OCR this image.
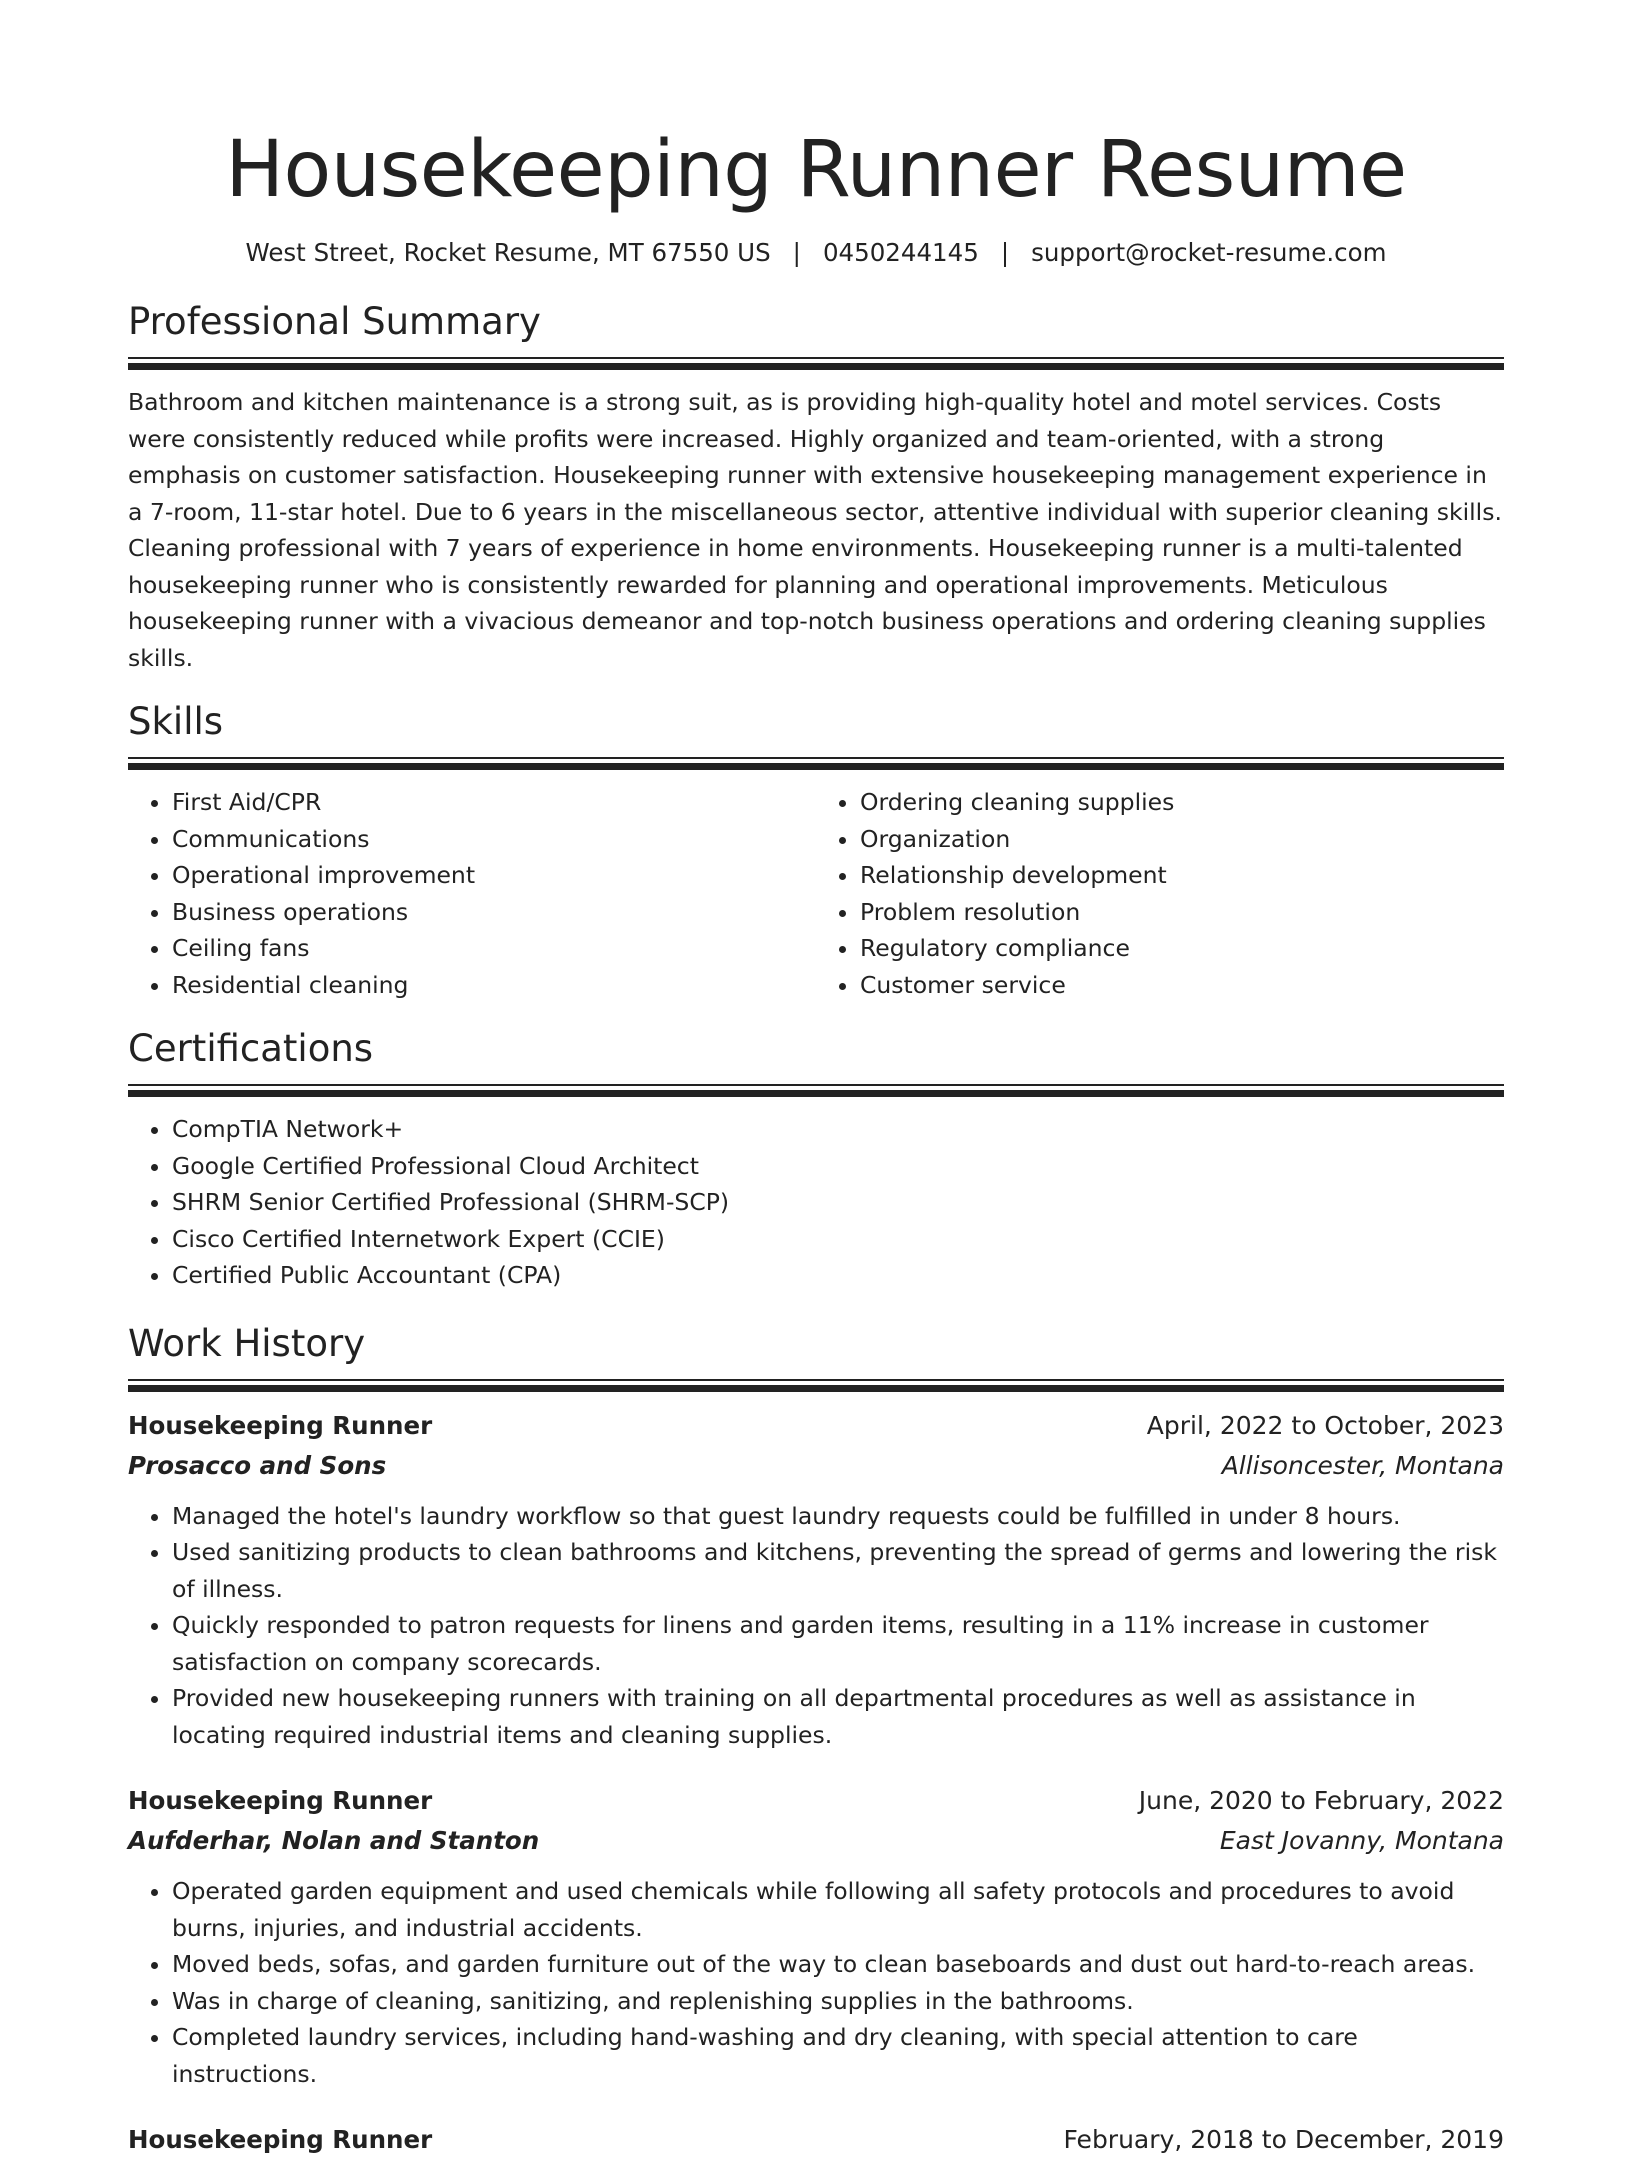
Housekeeping Runner Resume
West Street, Rocket Resume, MT 67550 US | 0450244145 | support@rocket-resume.com
Professional Summary

Bathroom and kitchen maintenance is a strong suit, as is providing high-quality hotel and motel services. Costs were consistently reduced while profits were increased. Highly organized and team-oriented, with a strong emphasis on customer satisfaction. Housekeeping runner with extensive housekeeping management experience in a 7-room, 11-star hotel. Due to 6 years in the miscellaneous sector, attentive individual with superior cleaning skills. Cleaning professional with 7 years of experience in home environments. Housekeeping runner is a multi-talented housekeeping runner who is consistently rewarded for planning and operational improvements. Meticulous housekeeping runner with a vivacious demeanor and top-notch business operations and ordering cleaning supplies skills.

Skills
• First Aid/CPR
• Communications
• Operational improvement
• Business operations
• Ceiling fans
• Residential cleaning
• Ordering cleaning supplies
• Organization
• Relationship development
• Problem resolution
• Regulatory compliance
• Customer service
Certifications
• CompTIA Network+
• Google Certified Professional Cloud Architect
• SHRM Senior Certified Professional (SHRM-SCP)
• Cisco Certified Internetwork Expert (CCIE)
• Certified Public Accountant (CPA)
Work History
Housekeeping Runner	April, 2022 to October, 2023
Prosacco and Sons	Allisoncester, Montana
• Managed the hotel's laundry workflow so that guest laundry requests could be fulfilled in under 8 hours.
• Used sanitizing products to clean bathrooms and kitchens, preventing the spread of germs and lowering the risk of illness.
• Quickly responded to patron requests for linens and garden items, resulting in a 11% increase in customer satisfaction on company scorecards.
• Provided new housekeeping runners with training on all departmental procedures as well as assistance in locating required industrial items and cleaning supplies.
Housekeeping Runner	June, 2020 to February, 2022
Aufderhar, Nolan and Stanton	East Jovanny, Montana
• Operated garden equipment and used chemicals while following all safety protocols and procedures to avoid burns, injuries, and industrial accidents.
• Moved beds, sofas, and garden furniture out of the way to clean baseboards and dust out hard-to-reach areas.
• Was in charge of cleaning, sanitizing, and replenishing supplies in the bathrooms.
• Completed laundry services, including hand-washing and dry cleaning, with special attention to care instructions.
Housekeeping Runner	February, 2018 to December, 2019
